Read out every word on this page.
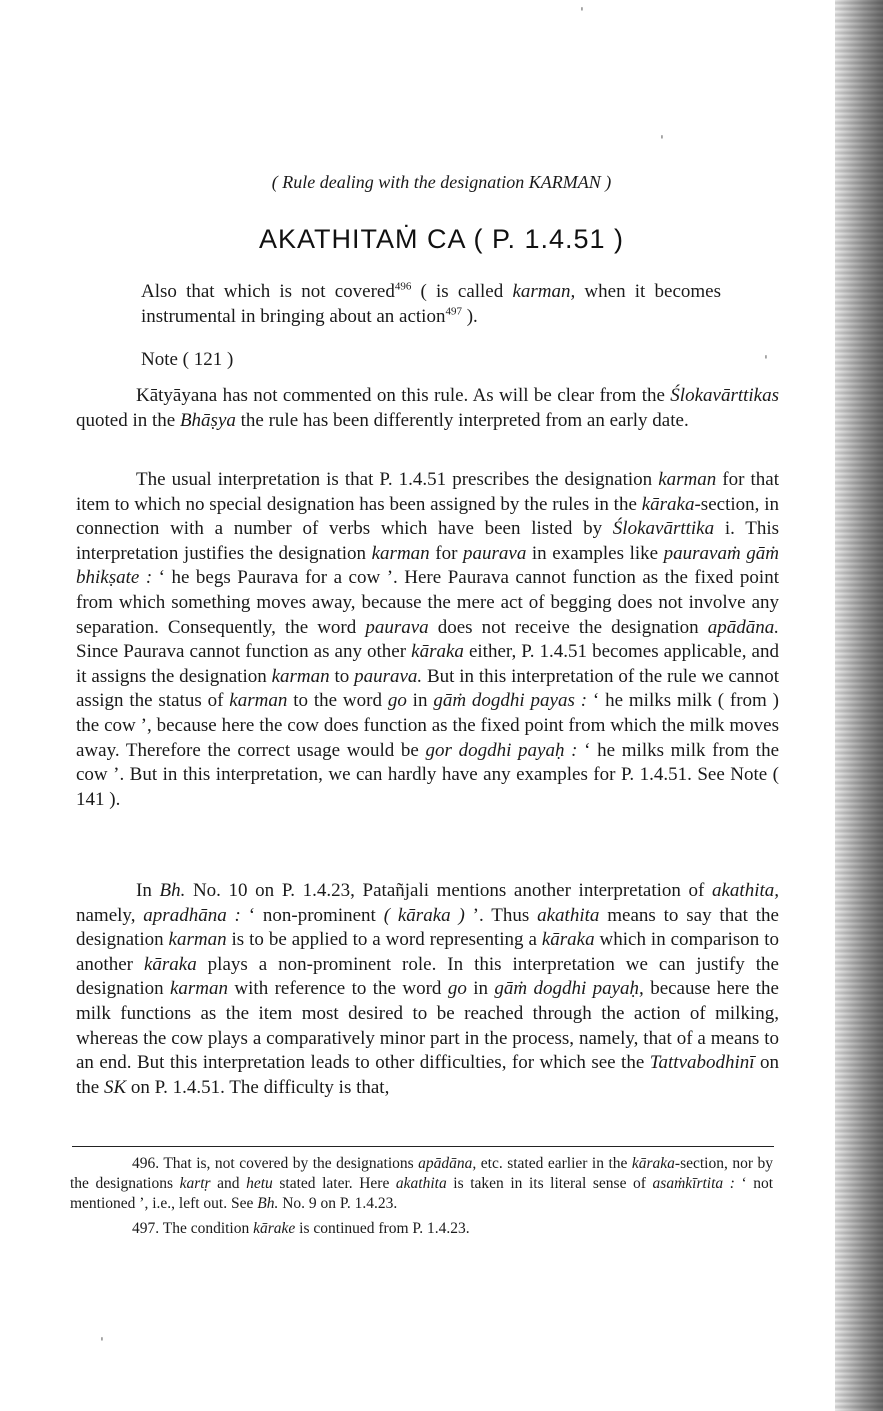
ˈ
ˈ
ˈ
ˈ
( Rule dealing with the designation KARMAN )
AKATHITAṀ CA ( P. 1.4.51 )
Also that which is not covered$^{496}$ ( is called karman, when it becomes instrumental in bringing about an action$^{497}$ ).
Note ( 121 )
Kātyāyana has not commented on this rule. As will be clear from the Ślokavārttikas quoted in the Bhāṣya the rule has been differently interpreted from an early date.
The usual interpretation is that P. 1.4.51 prescribes the designation karman for that item to which no special designation has been assigned by the rules in the kāraka-section, in connection with a number of verbs which have been listed by Ślokavārttika i. This interpretation justifies the designation karman for paurava in examples like pauravaṁ gāṁ bhikṣate : ‘ he begs Paurava for a cow ’. Here Paurava cannot function as the fixed point from which something moves away, because the mere act of begging does not involve any separation. Consequently, the word paurava does not receive the designation apādāna. Since Paurava cannot function as any other kāraka either, P. 1.4.51 becomes applicable, and it assigns the designation karman to paurava. But in this interpretation of the rule we cannot assign the status of karman to the word go in gāṁ dogdhi payas : ‘ he milks milk ( from ) the cow ’, because here the cow does function as the fixed point from which the milk moves away. Therefore the correct usage would be gor dogdhi payaḥ : ‘ he milks milk from the cow ’. But in this interpretation, we can hardly have any examples for P. 1.4.51. See Note ( 141 ).
In Bh. No. 10 on P. 1.4.23, Patañjali mentions another interpretation of akathita, namely, apradhāna : ‘ non-prominent ( kāraka ) ’. Thus akathita means to say that the designation karman is to be applied to a word representing a kāraka which in comparison to another kāraka plays a non-prominent role. In this interpretation we can justify the designation karman with reference to the word go in gāṁ dogdhi payaḥ, because here the milk functions as the item most desired to be reached through the action of milking, whereas the cow plays a comparatively minor part in the process, namely, that of a means to an end. But this interpretation leads to other difficulties, for which see the Tattvabodhinī on the SK on P. 1.4.51. The difficulty is that,

496. That is, not covered by the designations apādāna, etc. stated earlier in the kāraka-section, nor by the designations kartṛ and hetu stated later. Here akathita is taken in its literal sense of asaṁkīrtita : ‘ not mentioned ’, i.e., left out. See Bh. No. 9 on P. 1.4.23.

497. The condition kārake is continued from P. 1.4.23.
